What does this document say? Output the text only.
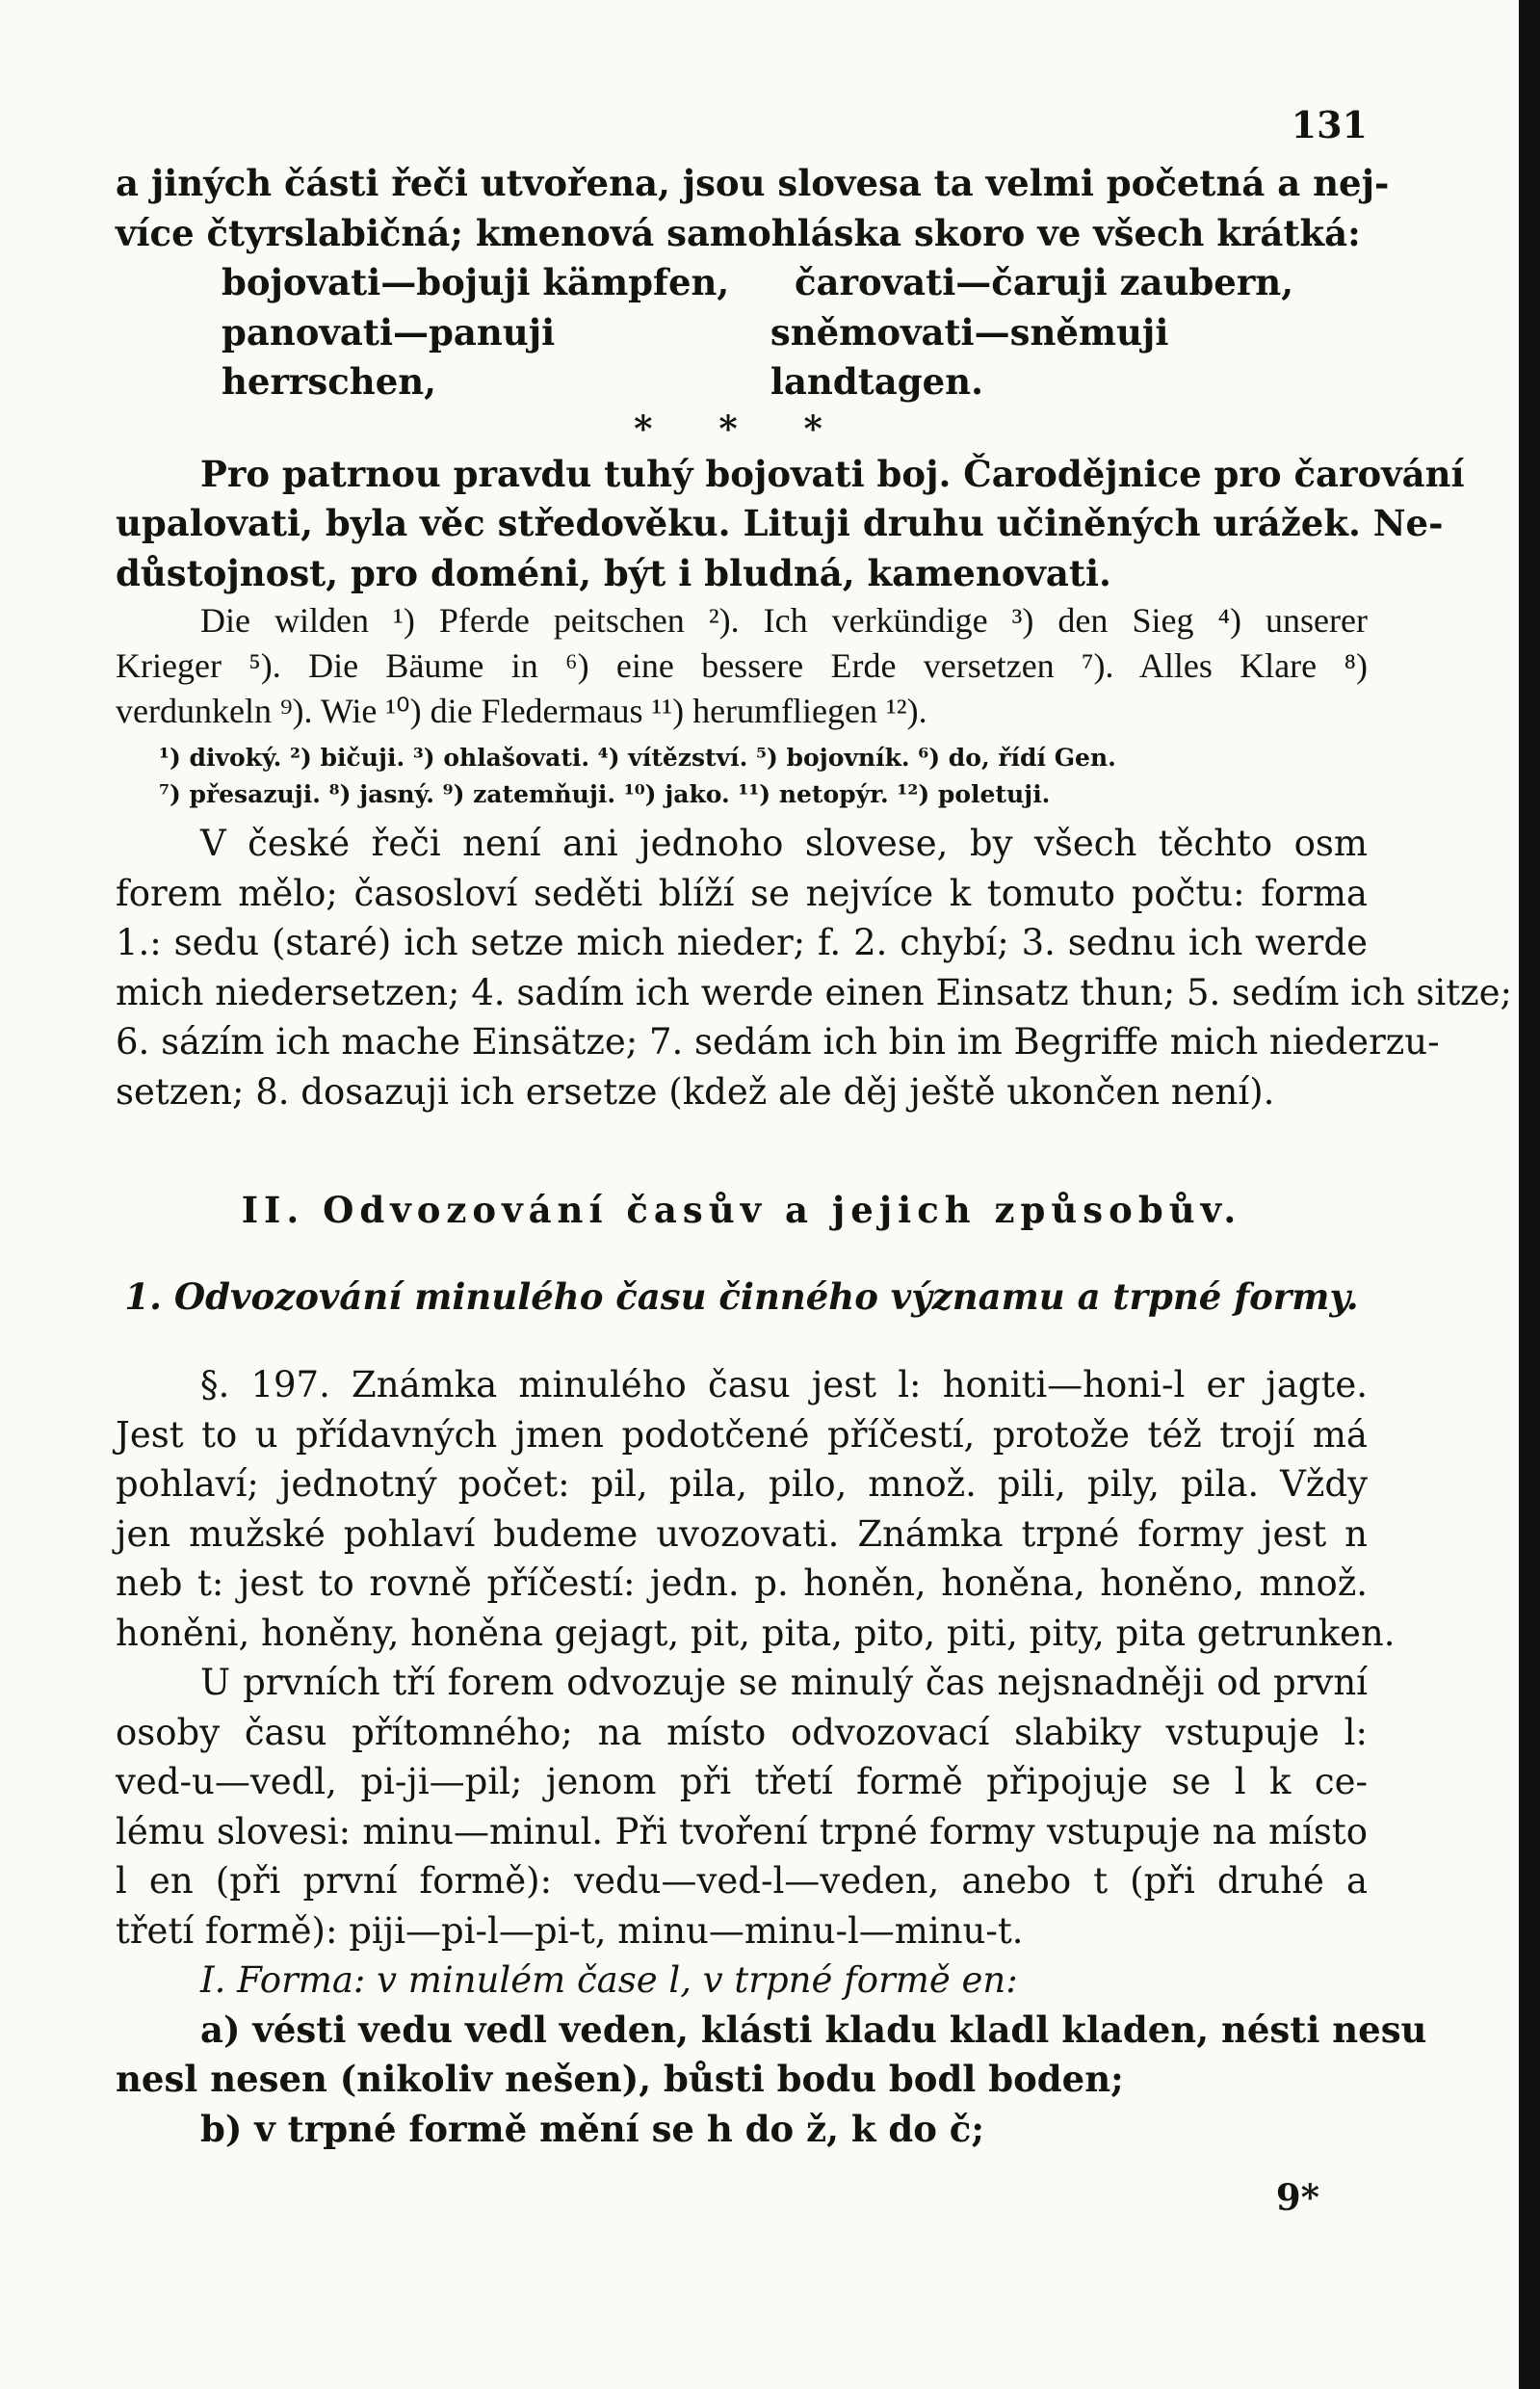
131
a jiných části řeči utvořena, jsou slovesa ta velmi početná a nej-
více čtyrslabičná; kmenová samohláska skoro ve všech krátká:
bojovati—bojuji kämpfen,	čarovati—čaruji zaubern,
panovati—panuji herrschen,
sněmovati—sněmuji landtagen.
* * *
Pro patrnou pravdu tuhý bojovati boj. Čarodějnice pro čarování
upalovati, byla věc středověku. Lituji druhu učiněných urážek. Ne-
důstojnost, pro doméni, být i bludná, kamenovati.
Die wilden ¹) Pferde peitschen ²). Ich verkündige ³) den Sieg ⁴) unserer
Krieger ⁵). Die Bäume in ⁶) eine bessere Erde versetzen ⁷). Alles Klare ⁸)
verdunkeln ⁹). Wie ¹⁰) die Fledermaus ¹¹) herumfliegen ¹²).
¹) divoký. ²) bičuji. ³) ohlašovati. ⁴) vítězství. ⁵) bojovník. ⁶) do, řídí Gen.
⁷) přesazuji. ⁸) jasný. ⁹) zatemňuji. ¹⁰) jako. ¹¹) netopýr. ¹²) poletuji.
V české řeči není ani jednoho slovese, by všech těchto osm
forem mělo; časosloví seděti blíží se nejvíce k tomuto počtu: forma
1.: sedu (staré) ich setze mich nieder; f. 2. chybí; 3. sednu ich werde
mich niedersetzen; 4. sadím ich werde einen Einsatz thun; 5. sedím ich sitze;
6. sázím ich mache Einsätze; 7. sedám ich bin im Begriffe mich niederzu-
setzen; 8. dosazuji ich ersetze (kdež ale děj ještě ukončen není).
II. Odvozování časův a jejich způsobův.
1. Odvozování minulého času činného významu a trpné formy.
§. 197. Známka minulého času jest l: honiti—honi-l er jagte.
Jest to u přídavných jmen podotčené příčestí, protože též trojí má
pohlaví; jednotný počet: pil, pila, pilo, množ. pili, pily, pila. Vždy
jen mužské pohlaví budeme uvozovati. Známka trpné formy jest n
neb t: jest to rovně příčestí: jedn. p. honěn, honěna, honěno, množ.
honěni, honěny, honěna gejagt, pit, pita, pito, piti, pity, pita getrunken.
U prvních tří forem odvozuje se minulý čas nejsnadněji od první
osoby času přítomného; na místo odvozovací slabiky vstupuje l:
ved-u—vedl, pi-ji—pil; jenom při třetí formě připojuje se l k ce-
lému slovesi: minu—minul. Při tvoření trpné formy vstupuje na místo
l en (při první formě): vedu—ved-l—veden, anebo t (při druhé a
třetí formě): piji—pi-l—pi-t, minu—minu-l—minu-t.
I. Forma: v minulém čase l, v trpné formě en:
a) vésti vedu vedl veden, klásti kladu kladl kladen, nésti nesu
nesl nesen (nikoliv nešen), bůsti bodu bodl boden;
b) v trpné formě mění se h do ž, k do č;
9*
